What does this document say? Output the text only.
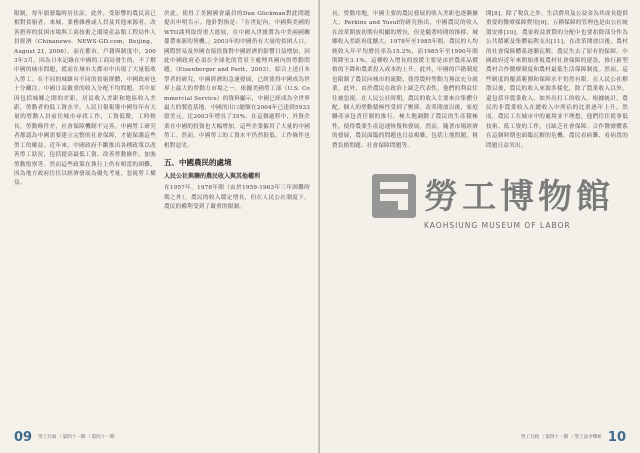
限制，每年頒發臨時居住証。此外，受影響的農民高已相對貧窮者，來城，業務雜務或人員及其他來源者，改善搭界的貧困市場與工商技術之環境產品類工程局作人員經濟（Chinanews．NEWS-GD.com，Beijing，August 21, 2006）。而在都市，戶籍與制度中，2003年3月，因為日本記錄在中國的工商局發生的，不了解中國的城市問題，從而在城市大都市中出現了大量低收入勞工。在不同的城鎮有不同的貧窮群體，中國政府也十分關注。中國日益嚴重的收入分配不均問題，其中原因包括城鄉之間的差距，居民收入差距和地區收入差距，勞動者的低工資水平。人民日報報導中國每年有大量的勞動人員前往城市尋找工作，工資低微，工時較長，勞動條件差，社會保障機制不完善。中國勞工研究者都認為中國需要建立完整的社會保障，才能保護這些勞工的權益。近年來，中國政府不斷推出各種政策以改善勞工狀況，包括提高最低工資、改善勞動條件、加強勞動監察等。然而這些政策在執行上仍有相當的困難，因為地方政府往往以經濟發展為優先考量，忽視勞工權益。

於此，使得了美國國會議員的Dan Glickman對此問題提出申明告示。他針對指是：「在世紀內，中國與美國的WTO談判取得重大進展，在中國入世後將為中美兩國關係帶來新的契機。」2003年的中國仍有大量的貧困人口，國際貿易及外國直接投資對中國經濟的影響日益增加，因此中國政府必須在全球化的背景下處理其國內的勞動問題。（Eisenberger and Perit，2003）。綜合上述日本學者的研究，中國經濟的急速發展，已經使得中國成為世界上最大的勞動力市場之一。依據美國勞工部（U.S. Commercial Service）的資料顯示，中國已經成為全世界最大的製造基地，中國的出口總額在2004年已達到5933億美元，比2003年增長了35%。在這個過程中，外資企業在中國的投資也大幅增加，這些企業僱用了大量的中國勞工。然而，中國勞工的工資水平仍然很低，工作條件也相對惡劣。

五、中國農民的處境
人民公社與聯的農民收入與其他權利

在1957年，1978年間（由於1959-1963年三年困難時期之外），農民的收入穩定增長，但在人民公社制度下，農民的權利受到了嚴重的限制。

09 勞工行政 ｜第四十一期 ｜第四十一期

長，勞動用地，中國主要的農民發展的收入差距也逐漸擴大。Perkins and Yusuf的研究指出，中國農民的收入在改革開放初期有明顯的增長，但是隨著時間的推移，城鄉收入差距再度擴大。1978年至1985年間，農民的人均純收入年平均增長率為15.2%，而1985年至1990年間則降至3.1%。這種收入增長的放緩主要是由於農產品價格的下降和農業投入成本的上升。此外，中國的戶籍制度也限制了農民向城市的流動，使得農村勞動力無法充分就業。此外，由於農民在政治上缺乏代表性，他們的利益往往被忽視。在人民公社時期，農民的收入主要來自集體分配，個人的勞動積極性受到了壓抑。改革開放以後，家庭聯產承包責任制的推行，極大地調動了農民的生產積極性，使得農業生產迅速恢復和發展。然而，隨著市場經濟的發展，農民面臨的問題也日益複雜，包括土地問題、稅費負擔問題、社會保障問題等。

開[8]。除了稅負之外，生活費用及公益金為其成長提供重要的醫療保障費用[9]。五種保障的管理也是由公社統籌安排[10]。農家收益實際的分配中也要扣除部分作為公共積累及集體福利支出[11]。在改革開放以後，農村的社會保障體系逐漸瓦解，農民失去了原有的保障。中國政府近年來開始重視農村社會保障的建設，推行新型農村合作醫療制度和農村最低生活保障制度。然而，這些制度的覆蓋範圍和保障水平仍然有限。在人民公社解散以後，農民的收入來源多樣化，除了農業收入以外，還包括非農業收入，如外出打工的收入。根據統計，農民的非農業收入在總收入中所佔的比重逐年上升。然而，農民工在城市中的處境並不理想，他們往往從事低技術、低工資的工作，且缺乏社會保障。合作醫療體系在這個時期也面臨瓦解的危機，農民看病難、看病貴的問題日益突出。

10
勞工行政 ｜第四十一期 ｜勞工法令釋析
勞工博物館
KAOHSIUNG MUSEUM OF LABOR
